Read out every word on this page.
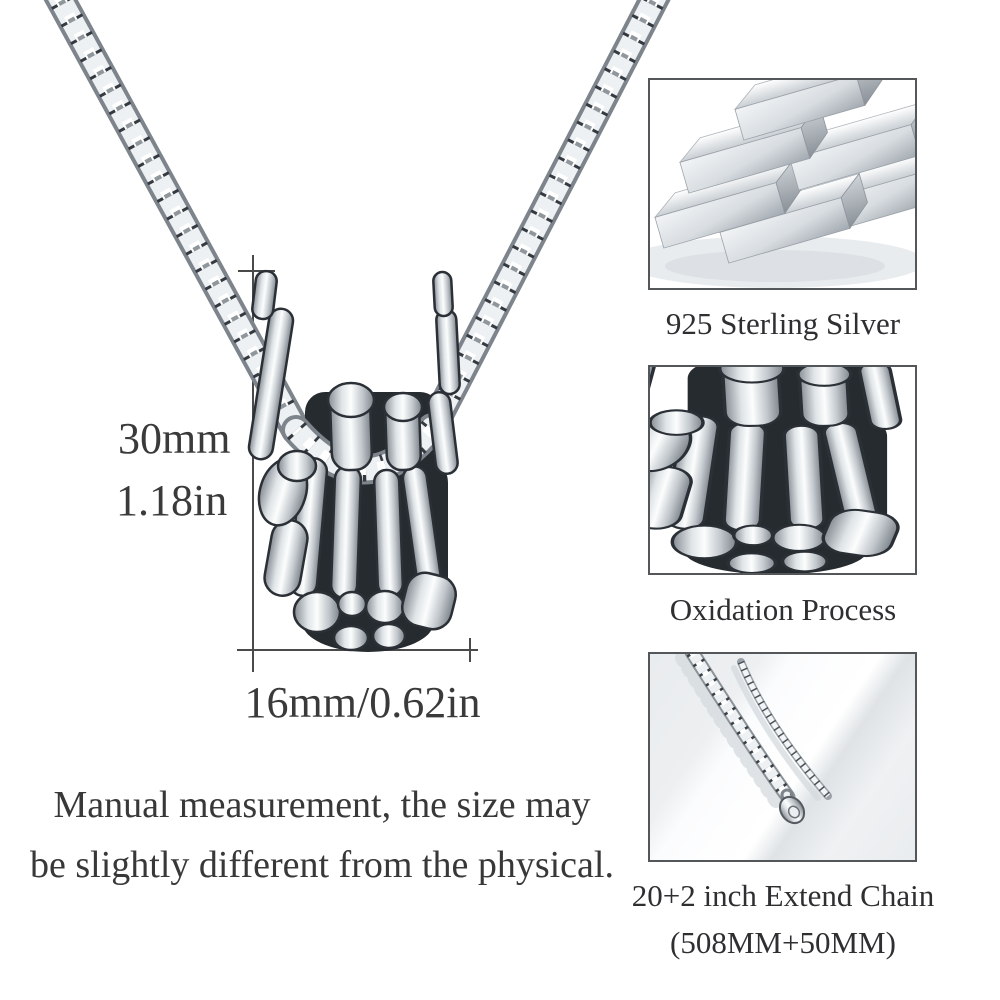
30mm
1.18in
16mm/0.62in
Manual measurement, the size may
be slightly different from the physical.
925 Sterling Silver
Oxidation Process
20+2 inch Extend Chain
(508MM+50MM)
